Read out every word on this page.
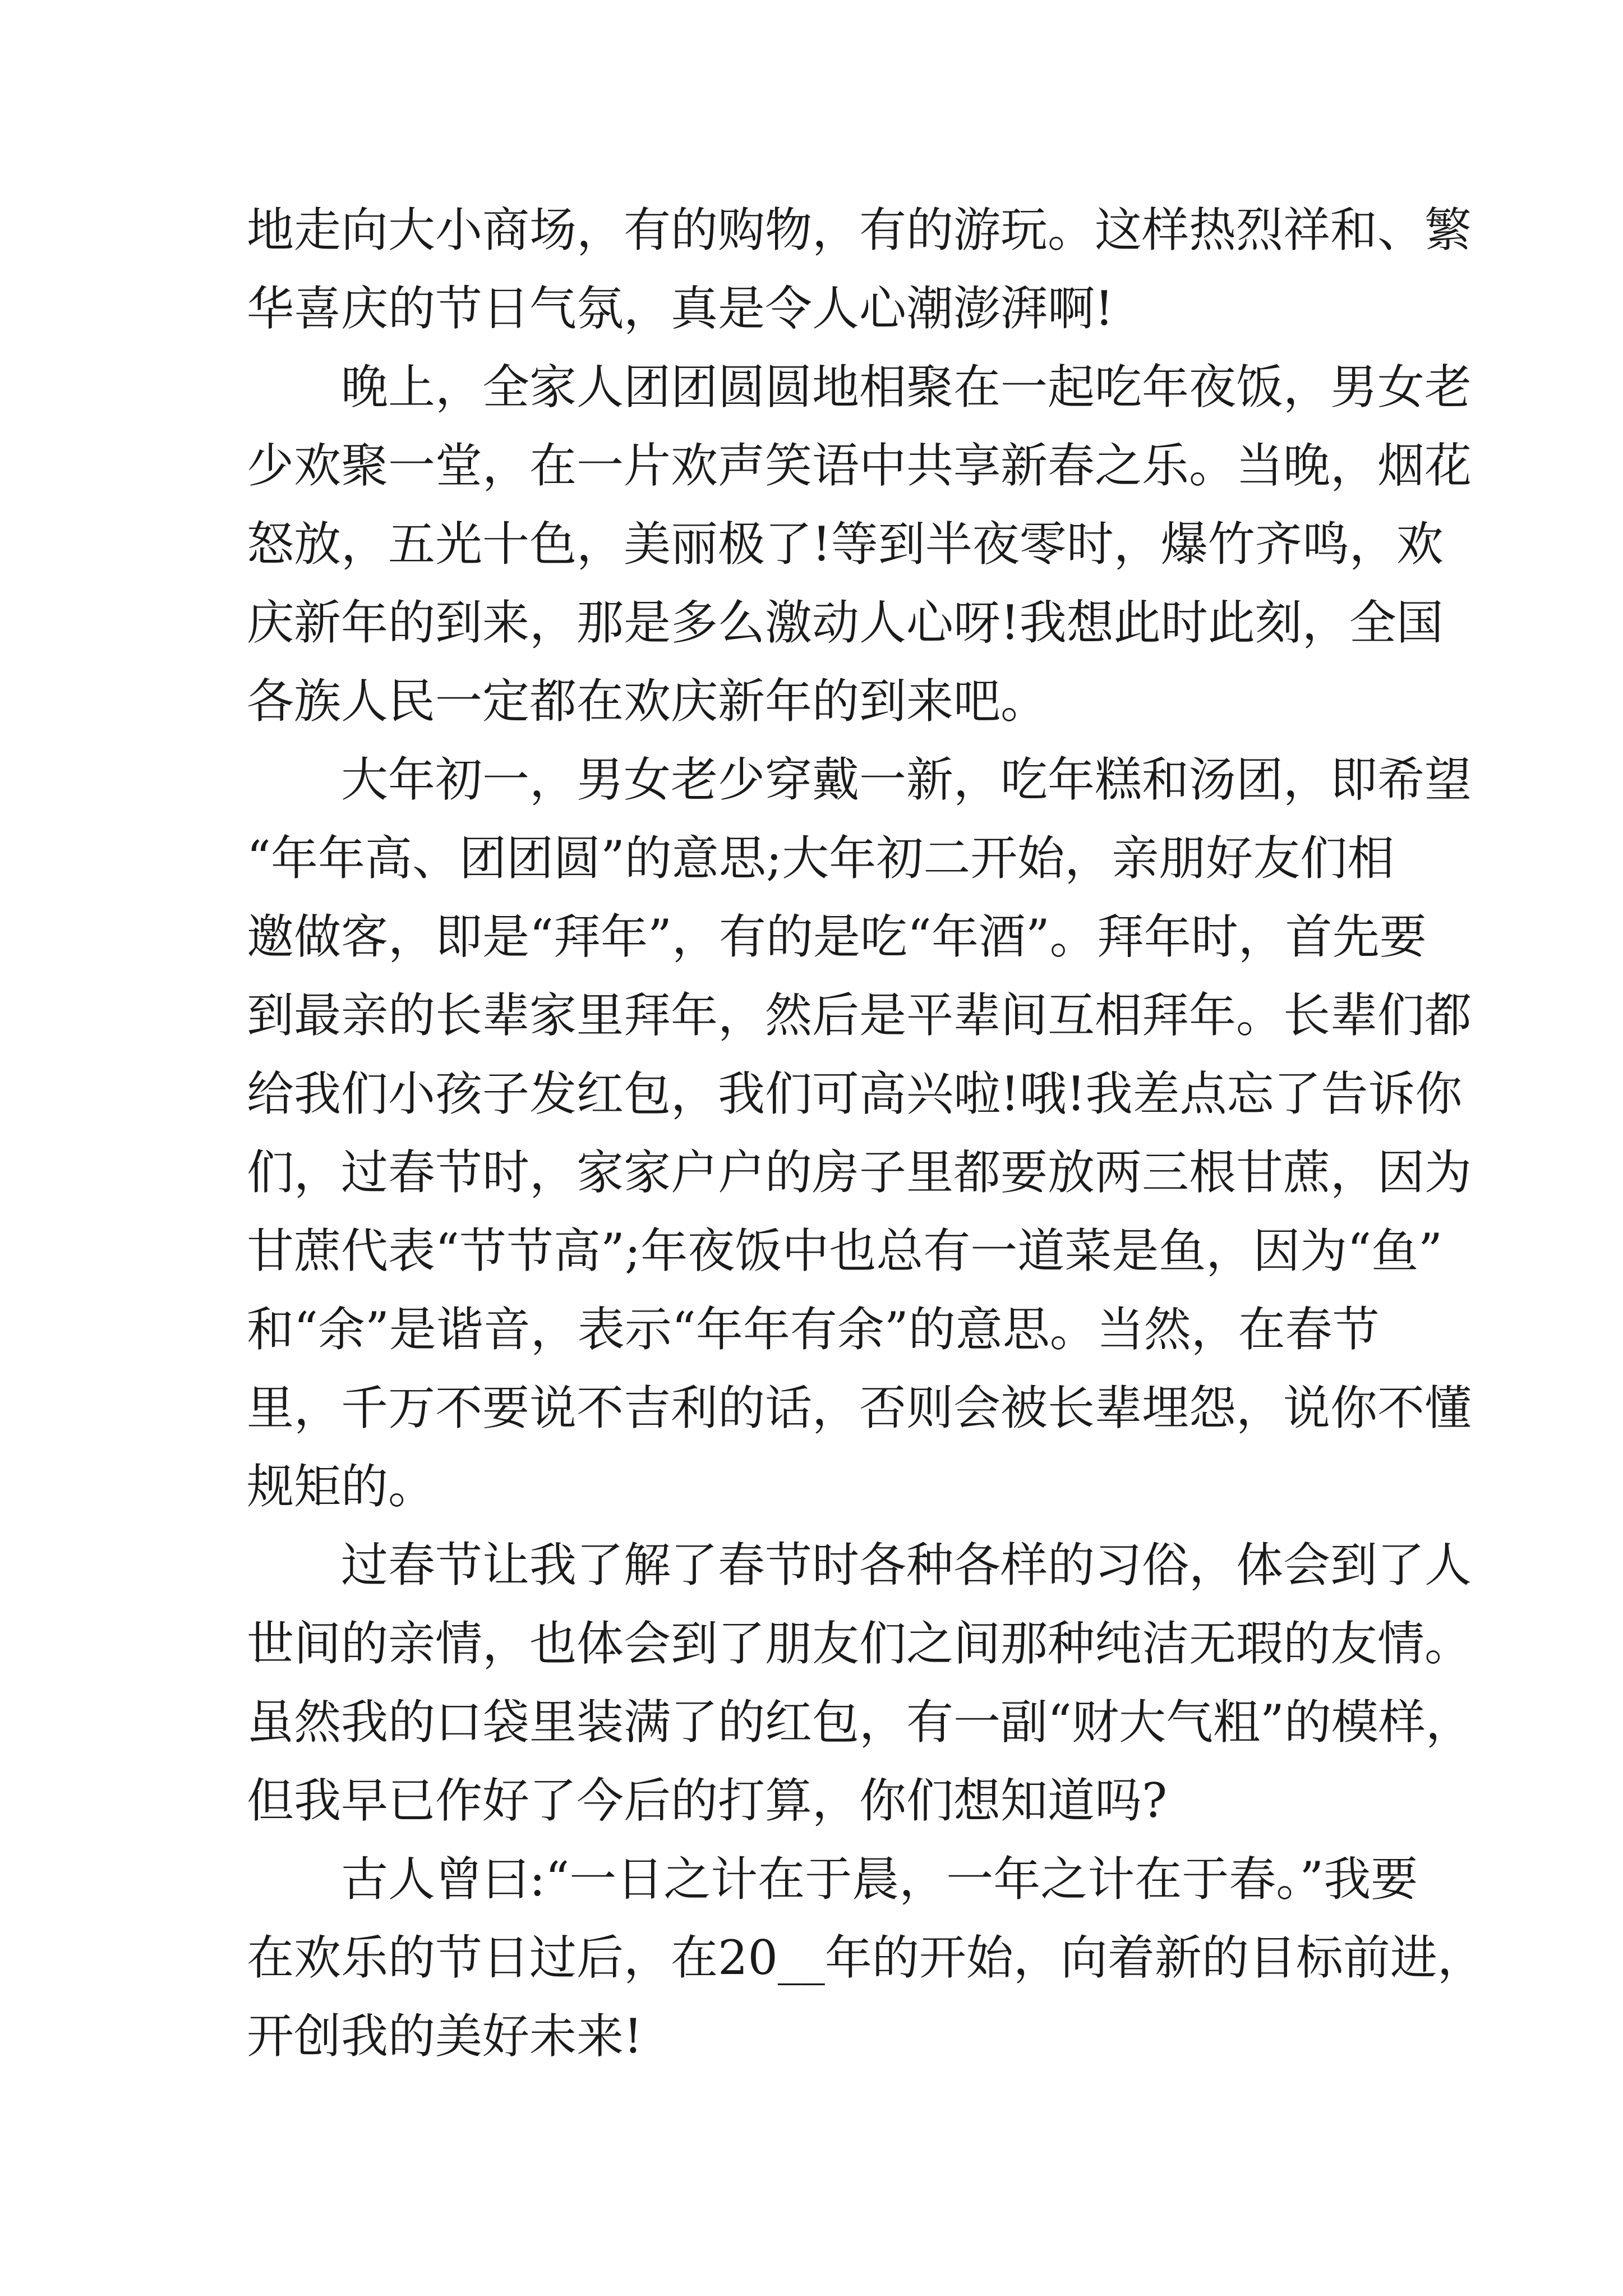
地走向大小商场，有的购物，有的游玩。这样热烈祥和、繁
华喜庆的节日气氛，真是令人心潮澎湃啊!
　　晚上，全家人团团圆圆地相聚在一起吃年夜饭，男女老
少欢聚一堂，在一片欢声笑语中共享新春之乐。当晚，烟花
怒放，五光十色，美丽极了!等到半夜零时，爆竹齐鸣，欢
庆新年的到来，那是多么激动人心呀!我想此时此刻，全国
各族人民一定都在欢庆新年的到来吧。
　　大年初一，男女老少穿戴一新，吃年糕和汤团，即希望
“年年高、团团圆”的意思;大年初二开始，亲朋好友们相
邀做客，即是“拜年”，有的是吃“年酒”。拜年时，首先要
到最亲的长辈家里拜年，然后是平辈间互相拜年。长辈们都
给我们小孩子发红包，我们可高兴啦!哦!我差点忘了告诉你
们，过春节时，家家户户的房子里都要放两三根甘蔗，因为
甘蔗代表“节节高”;年夜饭中也总有一道菜是鱼，因为“鱼”
和“余”是谐音，表示“年年有余”的意思。当然，在春节
里，千万不要说不吉利的话，否则会被长辈埋怨，说你不懂
规矩的。
　　过春节让我了解了春节时各种各样的习俗，体会到了人
世间的亲情，也体会到了朋友们之间那种纯洁无瑕的友情。
虽然我的口袋里装满了的红包，有一副“财大气粗”的模样，
但我早已作好了今后的打算，你们想知道吗?
　　古人曾曰:“一日之计在于晨，一年之计在于春。”我要
在欢乐的节日过后，在20__年的开始，向着新的目标前进，
开创我的美好未来!
